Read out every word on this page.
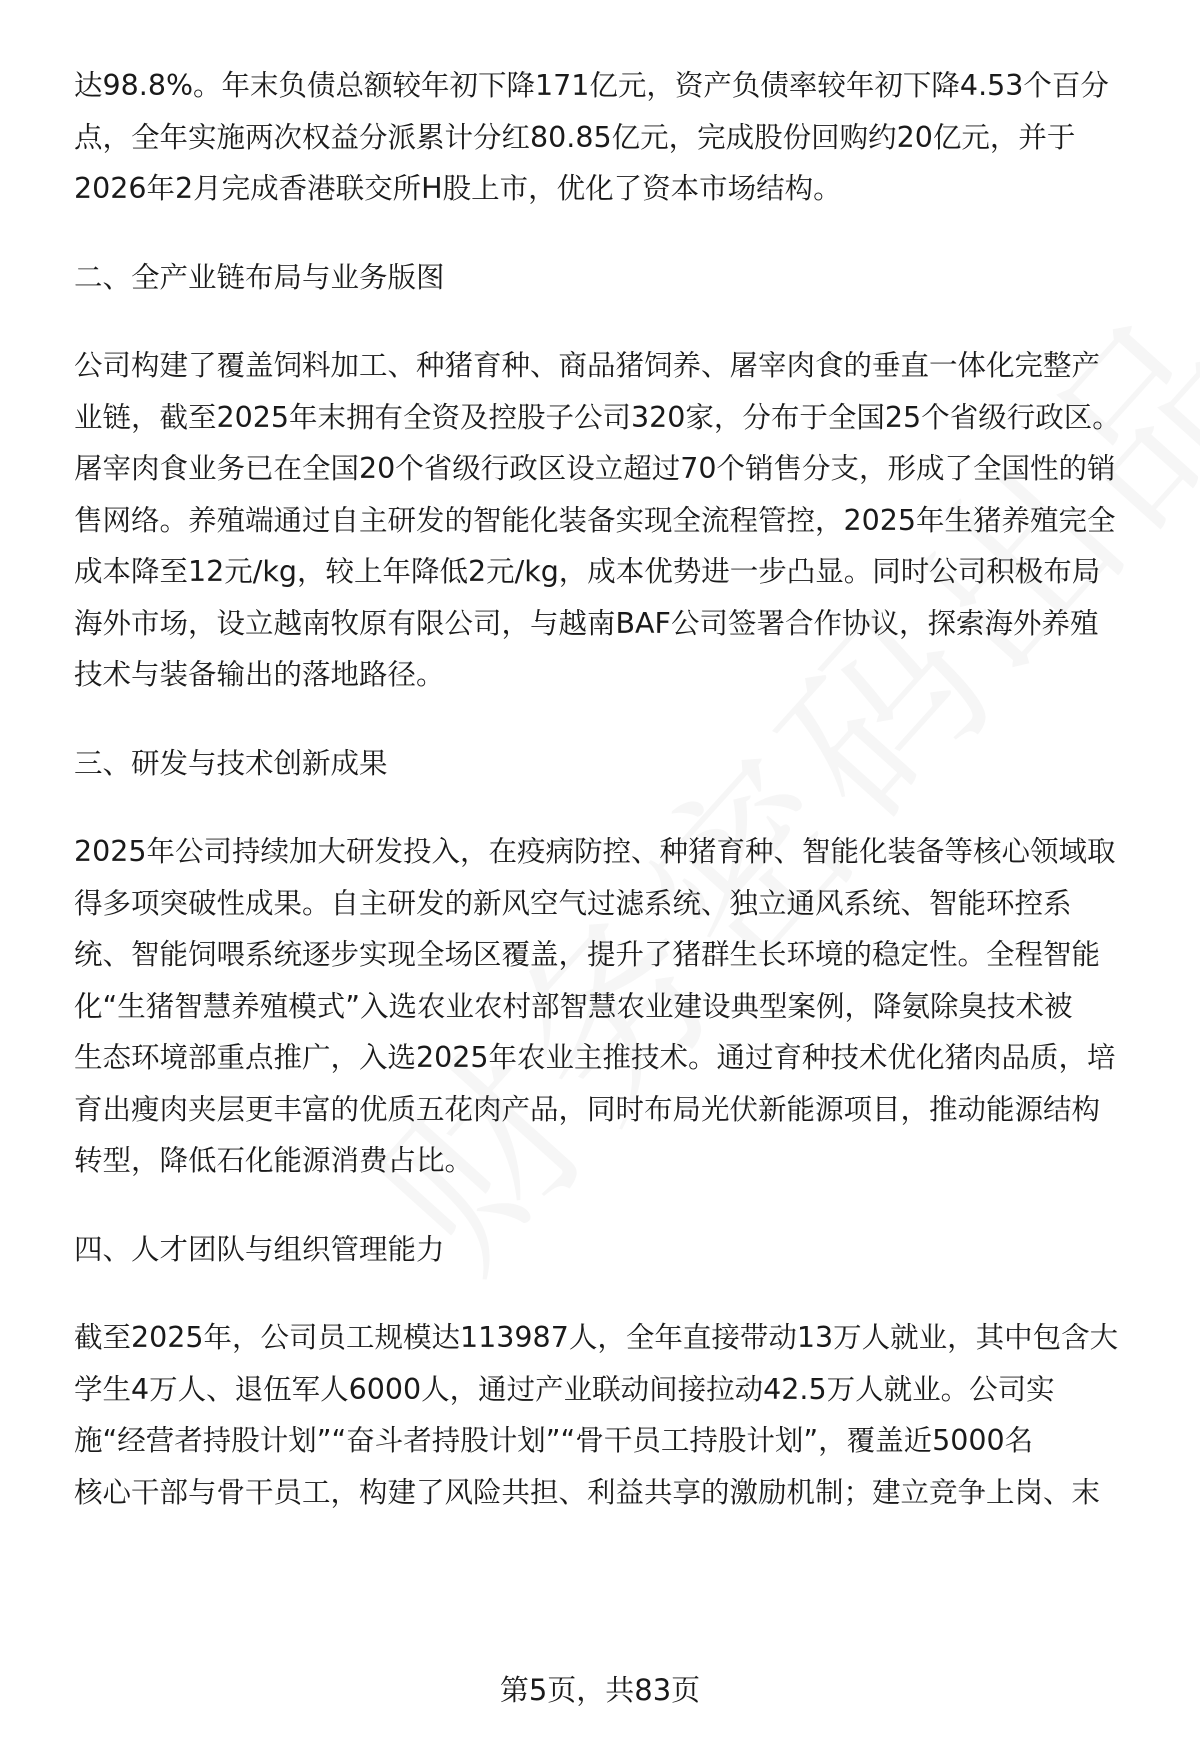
达98.8%。年末负债总额较年初下降171亿元，资产负债率较年初下降4.53个百分
点，全年实施两次权益分派累计分红80.85亿元，完成股份回购约20亿元，并于
2026年2月完成香港联交所H股上市，优化了资本市场结构。

二、全产业链布局与业务版图

公司构建了覆盖饲料加工、种猪育种、商品猪饲养、屠宰肉食的垂直一体化完整产
业链，截至2025年末拥有全资及控股子公司320家，分布于全国25个省级行政区。
屠宰肉食业务已在全国20个省级行政区设立超过70个销售分支，形成了全国性的销
售网络。养殖端通过自主研发的智能化装备实现全流程管控，2025年生猪养殖完全
成本降至12元/kg，较上年降低2元/kg，成本优势进一步凸显。同时公司积极布局
海外市场，设立越南牧原有限公司，与越南BAF公司签署合作协议，探索海外养殖
技术与装备输出的落地路径。

三、研发与技术创新成果

2025年公司持续加大研发投入，在疫病防控、种猪育种、智能化装备等核心领域取
得多项突破性成果。自主研发的新风空气过滤系统、独立通风系统、智能环控系
统、智能饲喂系统逐步实现全场区覆盖，提升了猪群生长环境的稳定性。全程智能
化“生猪智慧养殖模式”入选农业农村部智慧农业建设典型案例，降氨除臭技术被
生态环境部重点推广，入选2025年农业主推技术。通过育种技术优化猪肉品质，培
育出瘦肉夹层更丰富的优质五花肉产品，同时布局光伏新能源项目，推动能源结构
转型，降低石化能源消费占比。

四、人才团队与组织管理能力

截至2025年，公司员工规模达113987人，全年直接带动13万人就业，其中包含大
学生4万人、退伍军人6000人，通过产业联动间接拉动42.5万人就业。公司实
施“经营者持股计划”“奋斗者持股计划”“骨干员工持股计划”，覆盖近5000名
核心干部与骨干员工，构建了风险共担、利益共享的激励机制；建立竞争上岗、末

第5页，共83页
